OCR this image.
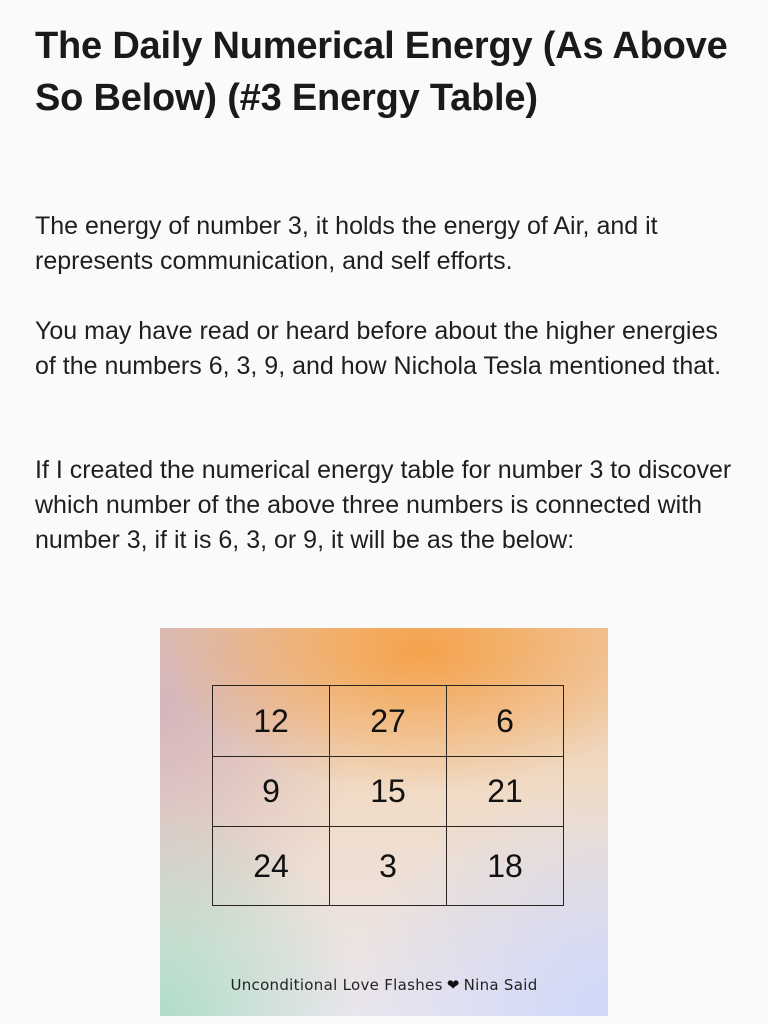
The Daily Numerical Energy (As Above So Below) (#3 Energy Table)

The energy of number 3, it holds the energy of Air, and it represents communication, and self efforts.

You may have read or heard before about the higher energies of the numbers 6, 3, 9, and how Nichola Tesla mentioned that.

If I created the numerical energy table for number 3 to discover which number of the above three numbers is connected with number 3, if it is 6, 3, or 9, it will be as the below:

12	27	6
9	15	21
24	3	18
Unconditional Love Flashes ❤ Nina Said
